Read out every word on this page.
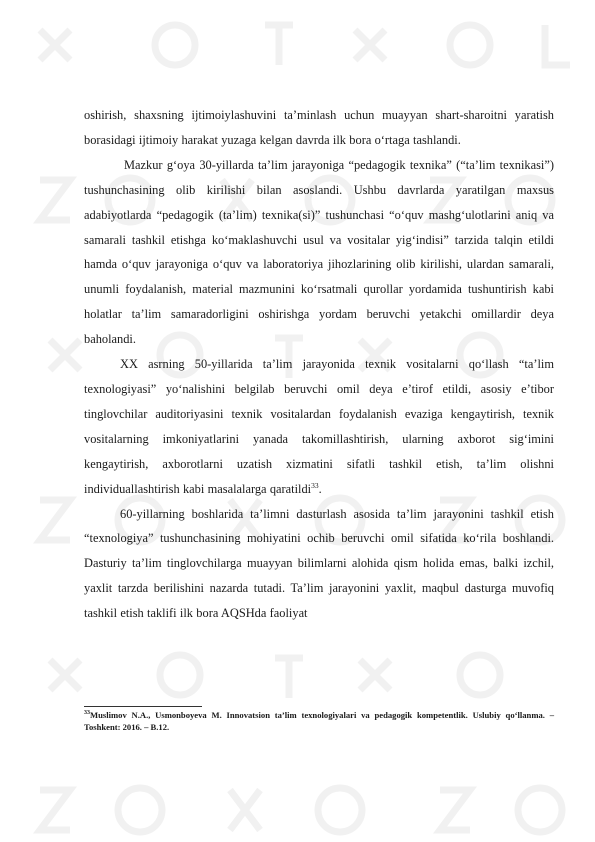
oshirish, shaxsning ijtimoiylashuvini ta’minlash uchun muayyan shart-sharoitni yaratish borasidagi ijtimoiy harakat yuzaga kelgan davrda ilk bora o‘rtaga tashlandi.

Mazkur g‘oya 30-yillarda ta’lim jarayoniga “pedagogik texnika” (“ta’lim texnikasi”) tushunchasining olib kirilishi bilan asoslandi. Ushbu davrlarda yaratilgan maxsus adabiyotlarda “pedagogik (ta’lim) texnika(si)” tushunchasi “o‘quv mashg‘ulotlarini aniq va samarali tashkil etishga ko‘maklashuvchi usul va vositalar yig‘indisi” tarzida talqin etildi hamda o‘quv jarayoniga o‘quv va laboratoriya jihozlarining olib kirilishi, ulardan samarali, unumli foydalanish, material mazmunini ko‘rsatmali qurollar yordamida tushuntirish kabi holatlar ta’lim samaradorligini oshirishga yordam beruvchi yetakchi omillardir deya baholandi.

XX asrning 50-yillarida ta’lim jarayonida texnik vositalarni qo‘llash “ta’lim texnologiyasi” yo‘nalishini belgilab beruvchi omil deya e’tirof etildi, asosiy e’tibor tinglovchilar auditoriyasini texnik vositalardan foydalanish evaziga kengaytirish, texnik vositalarning imkoniyatlarini yanada takomillashtirish, ularning axborot sig‘imini kengaytirish, axborotlarni uzatish xizmatini sifatli tashkil etish, ta’lim olishni individuallashtirish kabi masalalarga qaratildi$^{33}$.

60-yillarning boshlarida ta’limni dasturlash asosida ta’lim jarayonini tashkil etish “texnologiya” tushunchasining mohiyatini ochib beruvchi omil sifatida ko‘rila boshlandi. Dasturiy ta’lim tinglovchilarga muayyan bilimlarni alohida qism holida emas, balki izchil, yaxlit tarzda berilishini nazarda tutadi. Ta’lim jarayonini yaxlit, maqbul dasturga muvofiq tashkil etish taklifi ilk bora AQSHda faoliyat

$^{33}$Muslimov N.A., Usmonboyeva M. Innovatsion ta’lim texnologiyalari va pedagogik kompetentlik. Uslubiy qo‘llanma. – Toshkent: 2016. – B.12.
